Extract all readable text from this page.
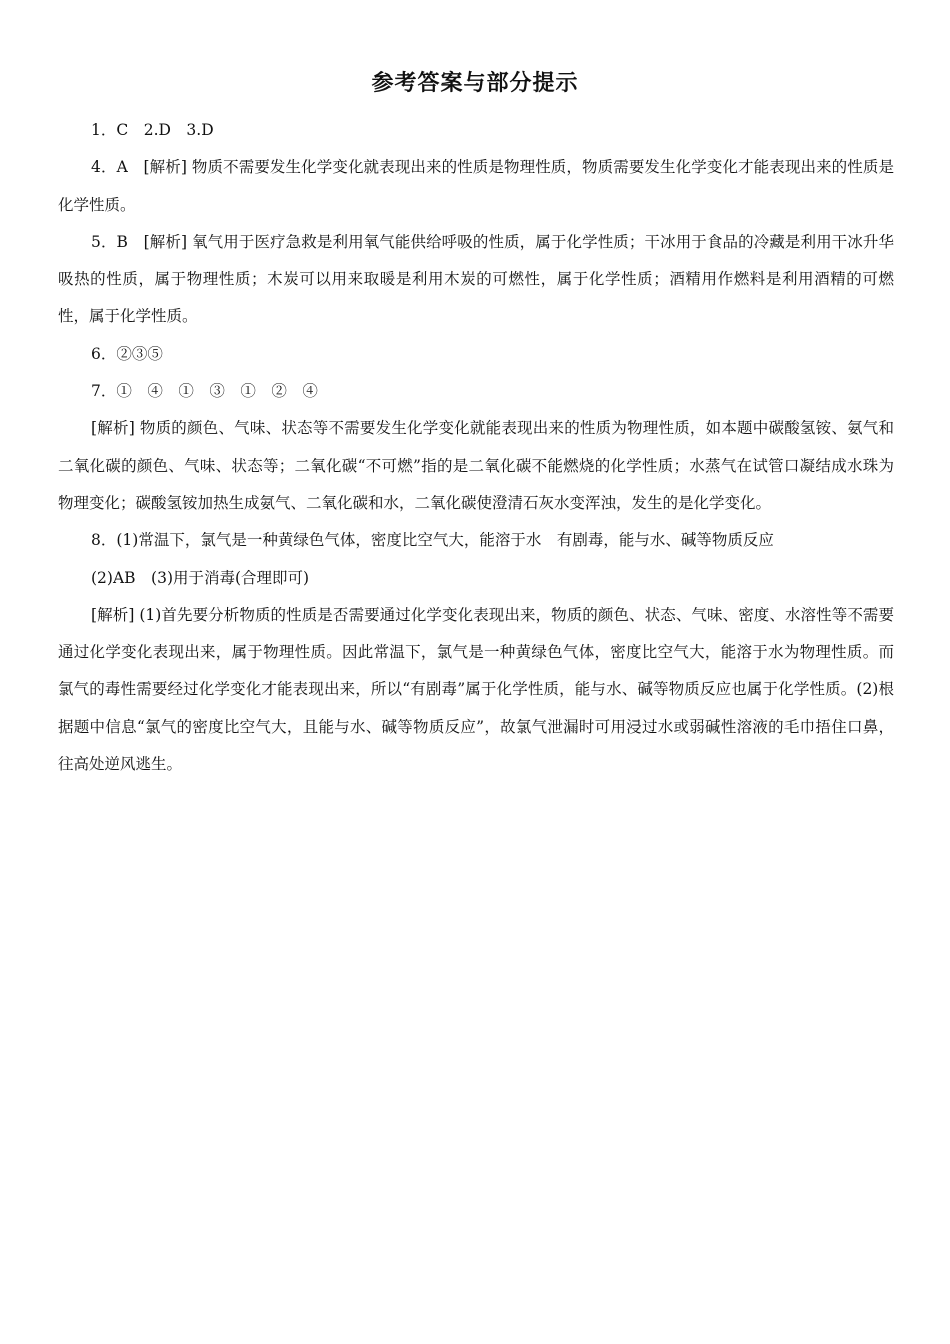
参考答案与部分提示

1．C　2.D　3.D

4．A　[解析] 物质不需要发生化学变化就表现出来的性质是物理性质，物质需要发生化学变化才能表现出来的性质是化学性质。

5．B　[解析] 氧气用于医疗急救是利用氧气能供给呼吸的性质，属于化学性质；干冰用于食品的冷藏是利用干冰升华吸热的性质，属于物理性质；木炭可以用来取暖是利用木炭的可燃性，属于化学性质；酒精用作燃料是利用酒精的可燃性，属于化学性质。

6．②③⑤

7．①　④　①　③　①　②　④

[解析] 物质的颜色、气味、状态等不需要发生化学变化就能表现出来的性质为物理性质，如本题中碳酸氢铵、氨气和二氧化碳的颜色、气味、状态等；二氧化碳“不可燃”指的是二氧化碳不能燃烧的化学性质；水蒸气在试管口凝结成水珠为物理变化；碳酸氢铵加热生成氨气、二氧化碳和水，二氧化碳使澄清石灰水变浑浊，发生的是化学变化。

8．(1)常温下，氯气是一种黄绿色气体，密度比空气大，能溶于水　有剧毒，能与水、碱等物质反应

(2)AB　(3)用于消毒(合理即可)

[解析] (1)首先要分析物质的性质是否需要通过化学变化表现出来，物质的颜色、状态、气味、密度、水溶性等不需要通过化学变化表现出来，属于物理性质。因此常温下，氯气是一种黄绿色气体，密度比空气大，能溶于水为物理性质。而氯气的毒性需要经过化学变化才能表现出来，所以“有剧毒”属于化学性质，能与水、碱等物质反应也属于化学性质。(2)根据题中信息“氯气的密度比空气大，且能与水、碱等物质反应”，故氯气泄漏时可用浸过水或弱碱性溶液的毛巾捂住口鼻，往高处逆风逃生。
